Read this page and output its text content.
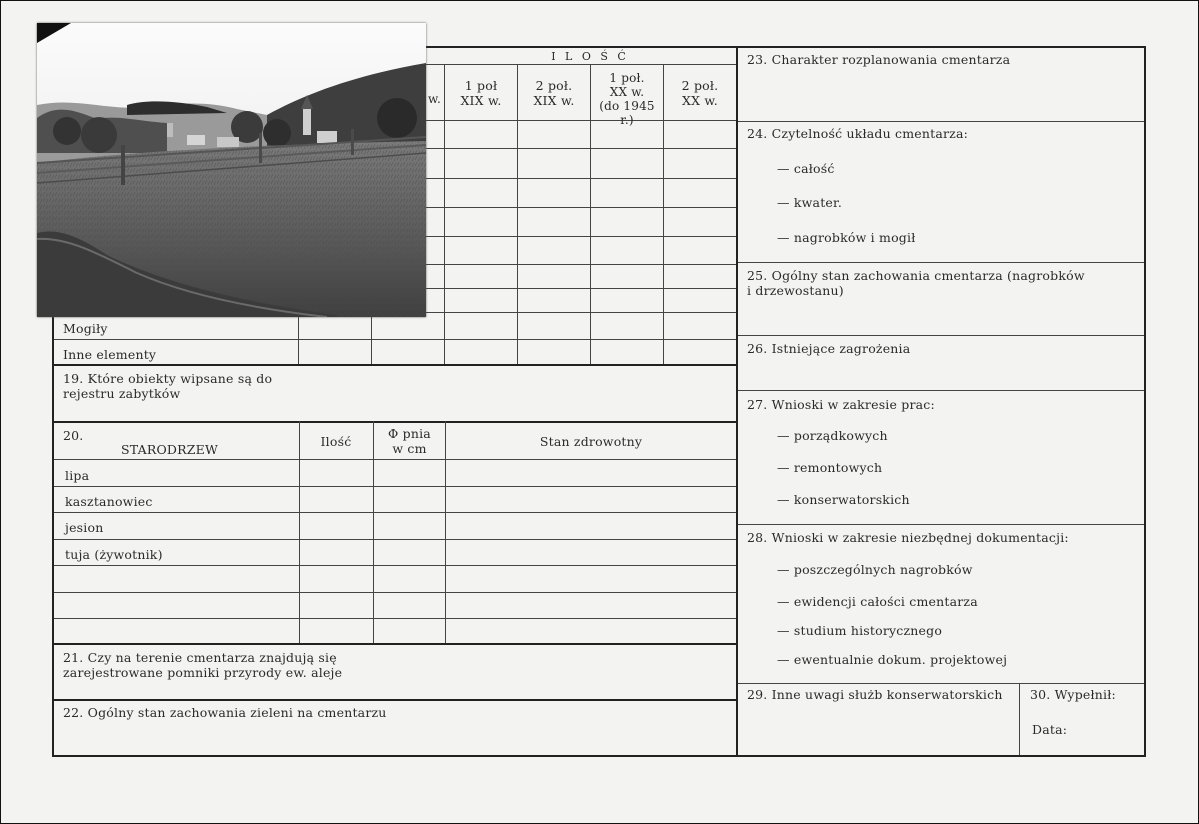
I L O Ś Ć
w.
1 poł
XIX w.
2 poł.
XIX w.
1 poł.
XX w.
(do 1945 r.)
2 poł.
XX w.
Mogiły
Inne elementy
19. Które obiekty wipsane są do
rejestru zabytków
20.
STARODRZEW
Ilość
Φ pnia
w cm	Stan zdrowotny
lipa
kasztanowiec
jesion
tuja (żywotnik)
21. Czy na terenie cmentarza znajdują się
zarejestrowane pomniki przyrody ew. aleje
22. Ogólny stan zachowania zieleni na cmentarzu
23. Charakter rozplanowania cmentarza
24. Czytelność układu cmentarza:
— całość
— kwater.
— nagrobków i mogił
25. Ogólny stan zachowania cmentarza (nagrobków
i drzewostanu)
26. Istniejące zagrożenia
27. Wnioski w zakresie prac:
— porządkowych
— remontowych
— konserwatorskich
28. Wnioski w zakresie niezbędnej dokumentacji:
— poszczególnych nagrobków
— ewidencji całości cmentarza
— studium historycznego
— ewentualnie dokum. projektowej
29. Inne uwagi służb konserwatorskich 30. Wypełnił:
Data:
